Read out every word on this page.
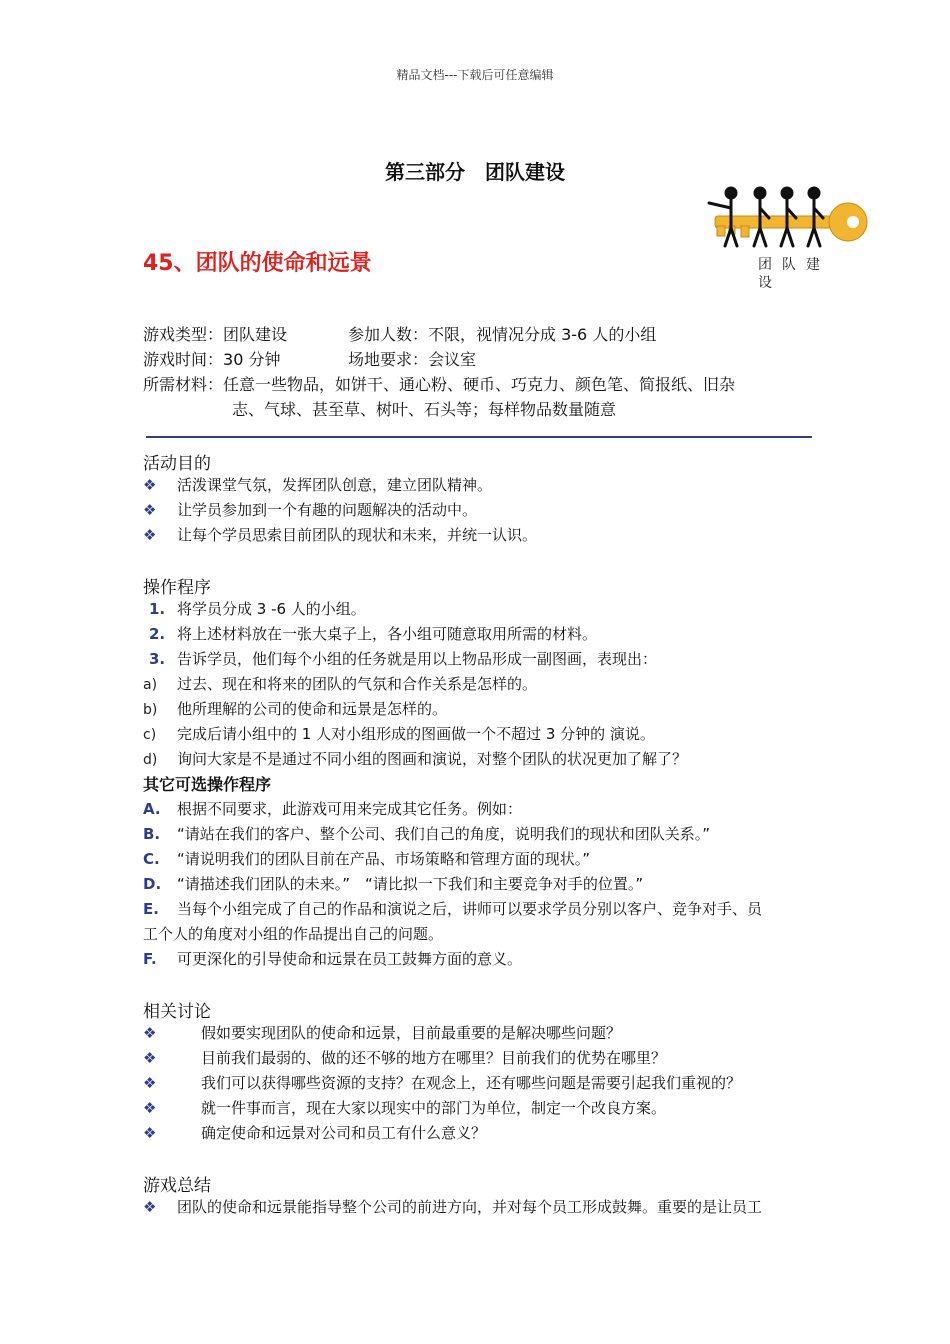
精品文档---下载后可任意编辑
第三部分　团队建设
团队建设
45、团队的使命和远景
游戏类型：团队建设	参加人数：不限，视情况分成 3-6 人的小组
游戏时间：30 分钟	场地要求：会议室
所需材料：任意一些物品，如饼干、通心粉、硬币、巧克力、颜色笔、简报纸、旧杂
志、气球、甚至草、树叶、石头等；每样物品数量随意
活动目的
❖ 活泼课堂气氛，发挥团队创意，建立团队精神。
❖ 让学员参加到一个有趣的问题解决的活动中。
❖ 让每个学员思索目前团队的现状和未来，并统一认识。
操作程序
1. 将学员分成 3 -6 人的小组。
2. 将上述材料放在一张大桌子上，各小组可随意取用所需的材料。
3. 告诉学员，他们每个小组的任务就是用以上物品形成一副图画，表现出：
a) 过去、现在和将来的团队的气氛和合作关系是怎样的。
b) 他所理解的公司的使命和远景是怎样的。
c) 完成后请小组中的 1 人对小组形成的图画做一个不超过 3 分钟的 演说。
d) 询问大家是不是通过不同小组的图画和演说，对整个团队的状况更加了解了？
其它可选操作程序
A. 根据不同要求，此游戏可用来完成其它任务。例如：
B. “请站在我们的客户、整个公司、我们自己的角度，说明我们的现状和团队关系。”
C. “请说明我们的团队目前在产品、市场策略和管理方面的现状。”
D. “请描述我们团队的未来。”　“请比拟一下我们和主要竞争对手的位置。”
E. 当每个小组完成了自己的作品和演说之后，讲师可以要求学员分别以客户、竞争对手、员
工个人的角度对小组的作品提出自己的问题。
F. 可更深化的引导使命和远景在员工鼓舞方面的意义。
相关讨论
❖	假如要实现团队的使命和远景，目前最重要的是解决哪些问题？
❖	目前我们最弱的、做的还不够的地方在哪里？目前我们的优势在哪里？
❖	我们可以获得哪些资源的支持？在观念上，还有哪些问题是需要引起我们重视的？
❖	就一件事而言，现在大家以现实中的部门为单位，制定一个改良方案。
❖	确定使命和远景对公司和员工有什么意义？
游戏总结
❖ 团队的使命和远景能指导整个公司的前进方向，并对每个员工形成鼓舞。重要的是让员工
